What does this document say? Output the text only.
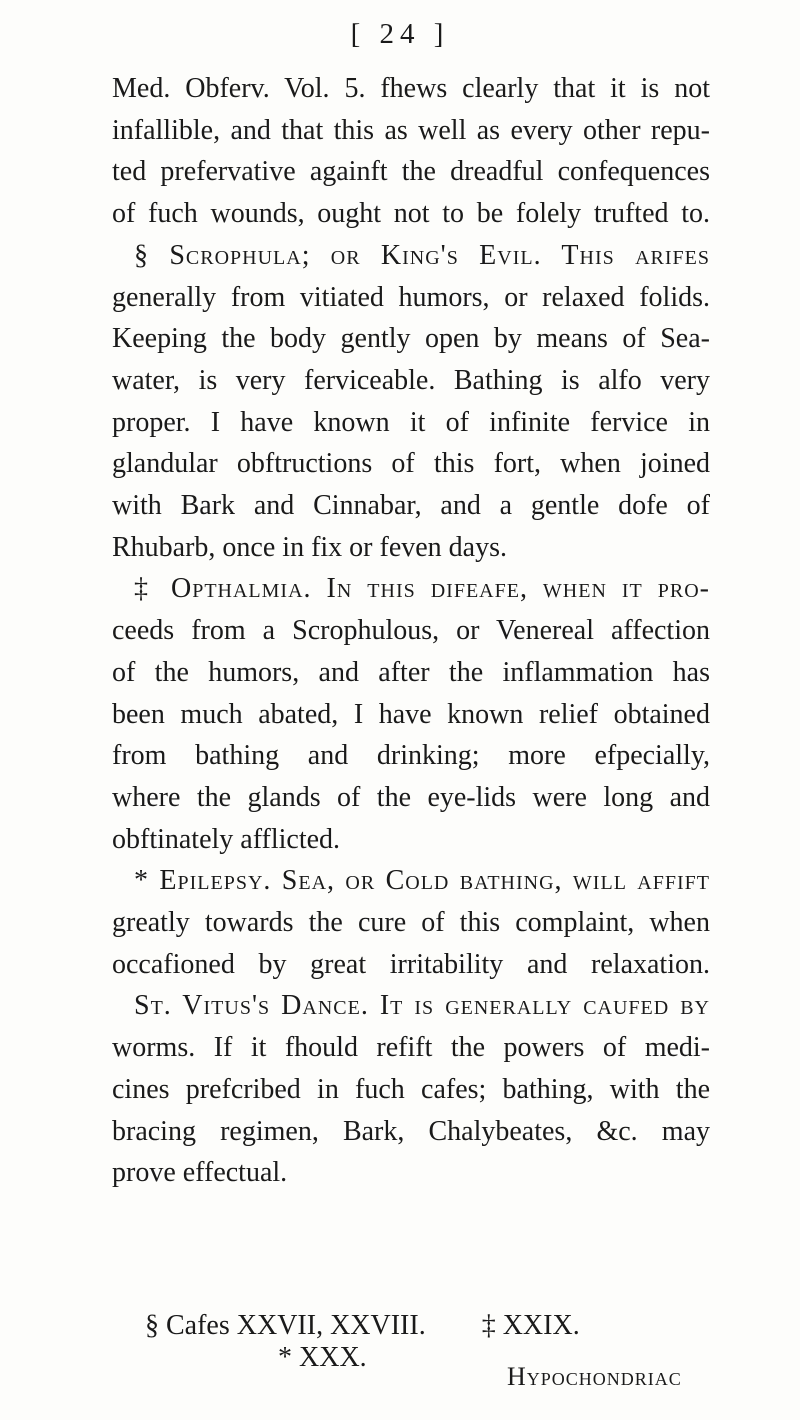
[ 24 ]
Med. Obferv. Vol. 5. fhews clearly that it is not
infallible, and that this as well as every other repu-
ted prefervative againft the dreadful confequences
of fuch wounds, ought not to be folely trufted to.
§ Scrophula; or King's Evil. This arifes
generally from vitiated humors, or relaxed folids.
Keeping the body gently open by means of Sea-
water, is very ferviceable. Bathing is alfo very
proper. I have known it of infinite fervice in
glandular obftructions of this fort, when joined
with Bark and Cinnabar, and a gentle dofe of
Rhubarb, once in fix or feven days.
‡ Opthalmia. In this difeafe, when it pro-
ceeds from a Scrophulous, or Venereal affection
of the humors, and after the inflammation has
been much abated, I have known relief obtained
from bathing and drinking; more efpecially,
where the glands of the eye-lids were long and
obftinately afflicted.
* Epilepsy. Sea, or Cold bathing, will affift
greatly towards the cure of this complaint, when
occafioned by great irritability and relaxation.
St. Vitus's Dance. It is generally caufed by
worms. If it fhould refift the powers of medi-
cines prefcribed in fuch cafes; bathing, with the
bracing regimen, Bark, Chalybeates, &c. may
prove effectual.
§ Cafes XXVII, XXVIII. ‡ XXIX.
* XXX.
Hypochondriac
